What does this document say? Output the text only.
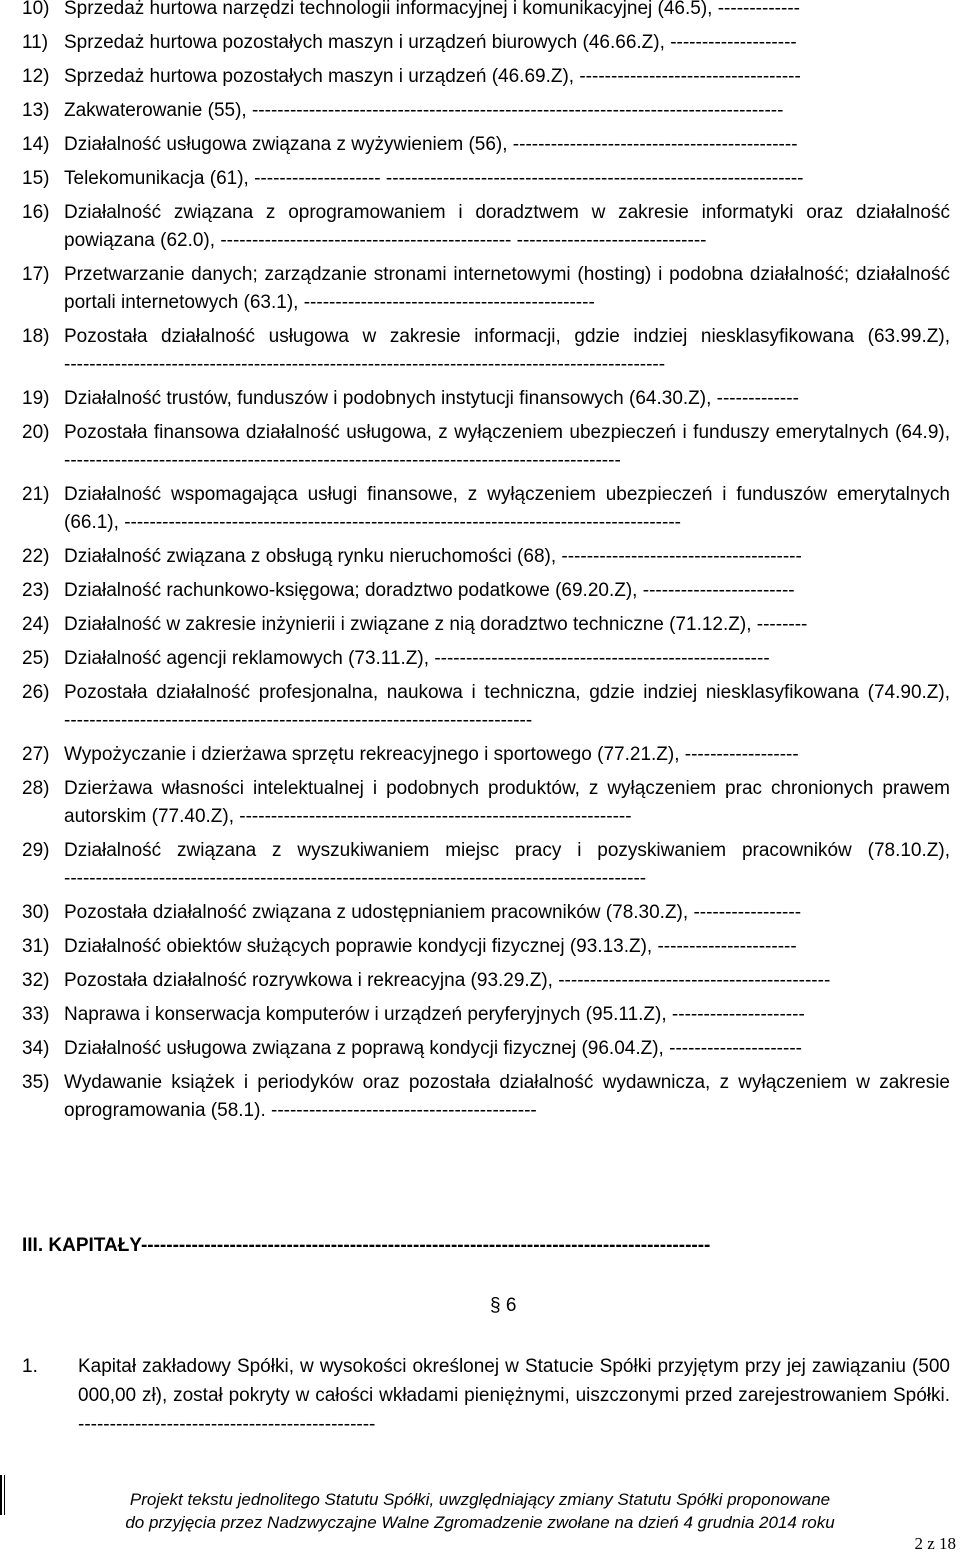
10) Sprzedaż hurtowa narzędzi technologii informacyjnej i komunikacyjnej (46.5), -------------
11) Sprzedaż hurtowa pozostałych maszyn i urządzeń biurowych (46.66.Z), --------------------
12) Sprzedaż hurtowa pozostałych maszyn i urządzeń (46.69.Z), -----------------------------------
13) Zakwaterowanie (55), ------------------------------------------------------------------------------------
14) Działalność usługowa związana z wyżywieniem (56), ---------------------------------------------
15) Telekomunikacja (61), -------------------- ------------------------------------------------------------------
16) Działalność związana z oprogramowaniem i doradztwem w zakresie informatyki oraz działalność powiązana (62.0), ---------------------------------------------- ------------------------------
17) Przetwarzanie danych; zarządzanie stronami internetowymi (hosting) i podobna działalność; działalność portali internetowych (63.1), ----------------------------------------------
18) Pozostała działalność usługowa w zakresie informacji, gdzie indziej niesklasyfikowana (63.99.Z), -----------------------------------------------------------------------------------------------
19) Działalność trustów, funduszów i podobnych instytucji finansowych (64.30.Z), -------------
20) Pozostała finansowa działalność usługowa, z wyłączeniem ubezpieczeń i funduszy emerytalnych (64.9), ----------------------------------------------------------------------------------------
21) Działalność wspomagająca usługi finansowe, z wyłączeniem ubezpieczeń i funduszów emerytalnych (66.1), ----------------------------------------------------------------------------------------
22) Działalność związana z obsługą rynku nieruchomości (68), --------------------------------------
23) Działalność rachunkowo-księgowa; doradztwo podatkowe (69.20.Z), ------------------------
24) Działalność w zakresie inżynierii i związane z nią doradztwo techniczne (71.12.Z), --------
25) Działalność agencji reklamowych (73.11.Z), -----------------------------------------------------
26) Pozostała działalność profesjonalna, naukowa i techniczna, gdzie indziej niesklasyfikowana (74.90.Z), --------------------------------------------------------------------------
27) Wypożyczanie i dzierżawa sprzętu rekreacyjnego i sportowego (77.21.Z), ------------------
28) Dzierżawa własności intelektualnej i podobnych produktów, z wyłączeniem prac chronionych prawem autorskim (77.40.Z), --------------------------------------------------------------
29) Działalność związana z wyszukiwaniem miejsc pracy i pozyskiwaniem pracowników (78.10.Z), --------------------------------------------------------------------------------------------
30) Pozostała działalność związana z udostępnianiem pracowników (78.30.Z), -----------------
31) Działalność obiektów służących poprawie kondycji fizycznej (93.13.Z), ----------------------
32) Pozostała działalność rozrywkowa i rekreacyjna (93.29.Z), -------------------------------------------
33) Naprawa i konserwacja komputerów i urządzeń peryferyjnych (95.11.Z), ---------------------
34) Działalność usługowa związana z poprawą kondycji fizycznej (96.04.Z), ---------------------
35) Wydawanie książek i periodyków oraz pozostała działalność wydawnicza, z wyłączeniem w zakresie oprogramowania (58.1). ------------------------------------------
III. KAPITAŁY------------------------------------------------------------------------------------------
§ 6
1. Kapitał zakładowy Spółki, w wysokości określonej w Statucie Spółki przyjętym przy jej zawiązaniu (500 000,00 zł), został pokryty w całości wkładami pieniężnymi, uiszczonymi przed zarejestrowaniem Spółki. -----------------------------------------------
Projekt tekstu jednolitego Statutu Spółki, uwzględniający zmiany Statutu Spółki proponowane
do przyjęcia przez Nadzwyczajne Walne Zgromadzenie zwołane na dzień 4 grudnia 2014 roku
2 z 18
